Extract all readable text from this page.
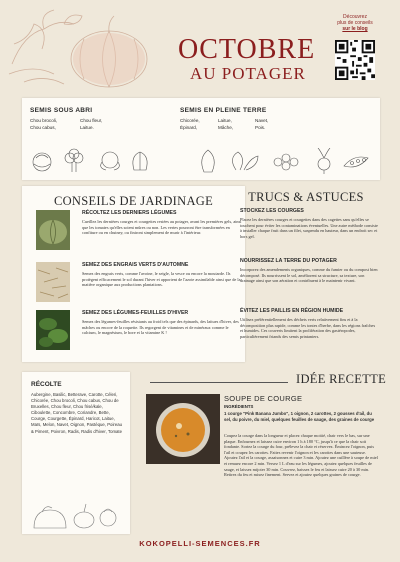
OCTOBRE
AU POTAGER
Découvrez
plus de conseils
sur le blog
SEMIS SOUS ABRI
Chou brocoli,
Chou cabus,
Chou fleur,
Laitue.
SEMIS EN PLEINE TERRE
Chicorée,
Épinard,
Laitue,
Mâche,
Navet,
Pois.
CONSEILS DE JARDINAGE
RÉCOLTEZ LES DERNIERS LÉGUMES

Cueillez les dernières courges et courgettes restées au potager, avant les premières gels, ainsi que les tomates qu'elles soient mûres ou non. Les vertes pourront être transformées en confiture ou en chutney, ou finiront simplement de murir à l'intérieur.

SEMEZ DES ENGRAIS VERTS D'AUTOMNE

Semez des engrais verts, comme l'avoine, le seigle, la vesce ou encore la moutarde. Ils protègent efficacement le sol durant l'hiver et apportent de l'azote assimilable ainsi que de la matière organique aux productions plantations.

SEMEZ DES LÉGUMES-FEUILLES D'HIVER

Semez des légumes-feuilles résistants au froid tels que des épinards, des laitues d'hiver, des mâches ou encore de la roquette. Ils regorgent de vitamines et de minéraux comme le calcium, le magnésium, le bore et la vitamine K !

TRUCS & ASTUCES
STOCKEZ LES COURGES

Placez les dernières courges et courgettes dans des cagettes sans qu'elles se touchent pour éviter les contaminations éventuelles. Une autre méthode consiste à installer chaque fruit dans un filet, suspendu en hauteur, dans un endroit sec et hors gel.

NOURRISSEZ LA TERRE DU POTAGER

Incorporez des amendements organiques, comme du fumier ou du compost bien décomposé. Ils nourrissent le sol, améliorent sa structure, sa texture, son drainage ainsi que son aération et contribuent à le maintenir vivant.

ÉVITEZ LES PAILLIS EN RÉGION HUMIDE

Utilisez préférentiellement des déchets verts relativement fins et à la décomposition plus rapide, comme les tontes d'herbe, dans les régions fraîches et humides. Ces couverts limitent la prolifération des gastéropodes, particulièrement friands des semis printaniers.

RÉCOLTE

Aubergine, Basilic, Betterave, Carotte, Céleri, Chicorée, Chou brocoli, Chou cabus, Chou de Bruxelles, Chou fleur, Chou frisé/kale, Ciboulette, Concombre, Coriandre, Bette, Courge, Courgette, Épinard, Haricot, Laitue, Maïs, Melon, Navet, Oignon, Pastèque, Poireau & Piment, Poivron, Radis, Radis d'hiver, Tomate

IDÉE RECETTE
SOUPE DE COURGE
INGRÉDIENTS
1 courge "Pink Banana Jumbo", 1 oignon, 2 carottes, 2 gousses d'ail, du sel, du poivre, du miel, quelques feuilles de sauge, des graines de courge
Coupez la courge dans la longueur et placez chaque moitié, chair vers le bas, sur une plaque. Enfournez et laissez cuire environ 1 h à 180 °C, jusqu'à ce que la chair soit fondante. Sortez la courge du four, prélevez la chair et réservez. Émincez l'oignon, puis l'ail et coupez les carottes. Faites revenir l'oignon et les carottes dans une sauteuse. Ajoutez l'ail et la courge, assaisonnez et cuire 3 min. Ajoutez une cuillère à soupe de miel et remuez encore 2 min. Versez 1 L d'eau sur les légumes, ajoutez quelques feuilles de sauge, et laissez mijoter 30 min. Couvrez, baissez le feu et laissez cuire 20 à 30 min. Retirez du feu et mixez finement. Servez et ajoutez quelques graines de courge.
KOKOPELLI-SEMENCES.FR
